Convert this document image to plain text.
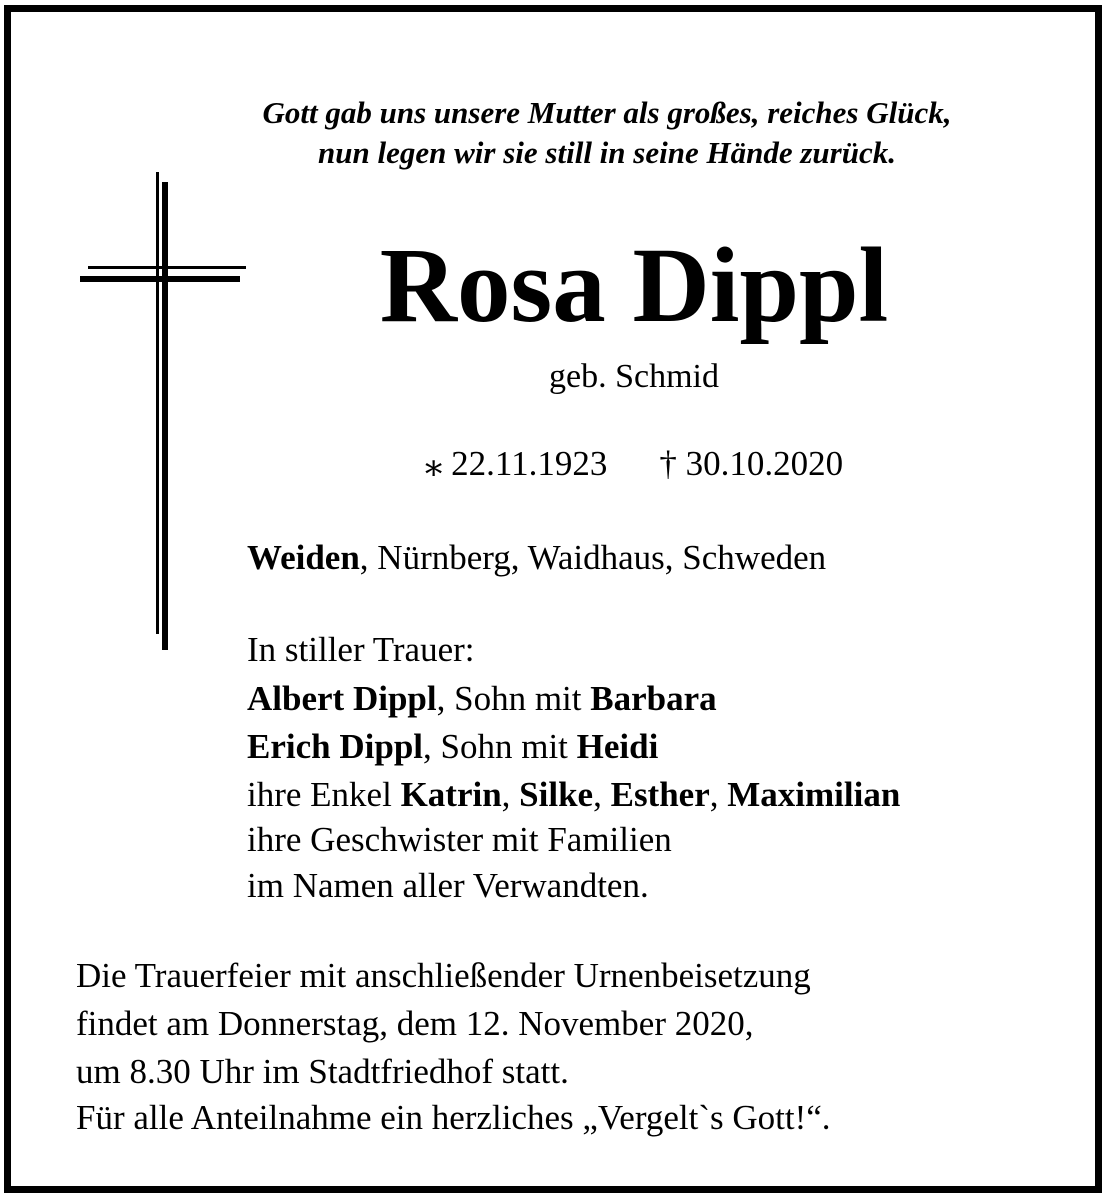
Gott gab uns unsere Mutter als großes, reiches Glück,

nun legen wir sie still in seine Hände zurück.

Rosa Dippl

geb. Schmid

⁎ 22.11.1923 † 30.10.2020

Weiden, Nürnberg, Waidhaus, Schweden

In stiller Trauer:

Albert Dippl, Sohn mit Barbara

Erich Dippl, Sohn mit Heidi

ihre Enkel Katrin, Silke, Esther, Maximilian

ihre Geschwister mit Familien

im Namen aller Verwandten.

Die Trauerfeier mit anschließender Urnenbeisetzung

findet am Donnerstag, dem 12. November 2020,

um 8.30 Uhr im Stadtfriedhof statt.

Für alle Anteilnahme ein herzliches „Vergelt`s Gott!“.
